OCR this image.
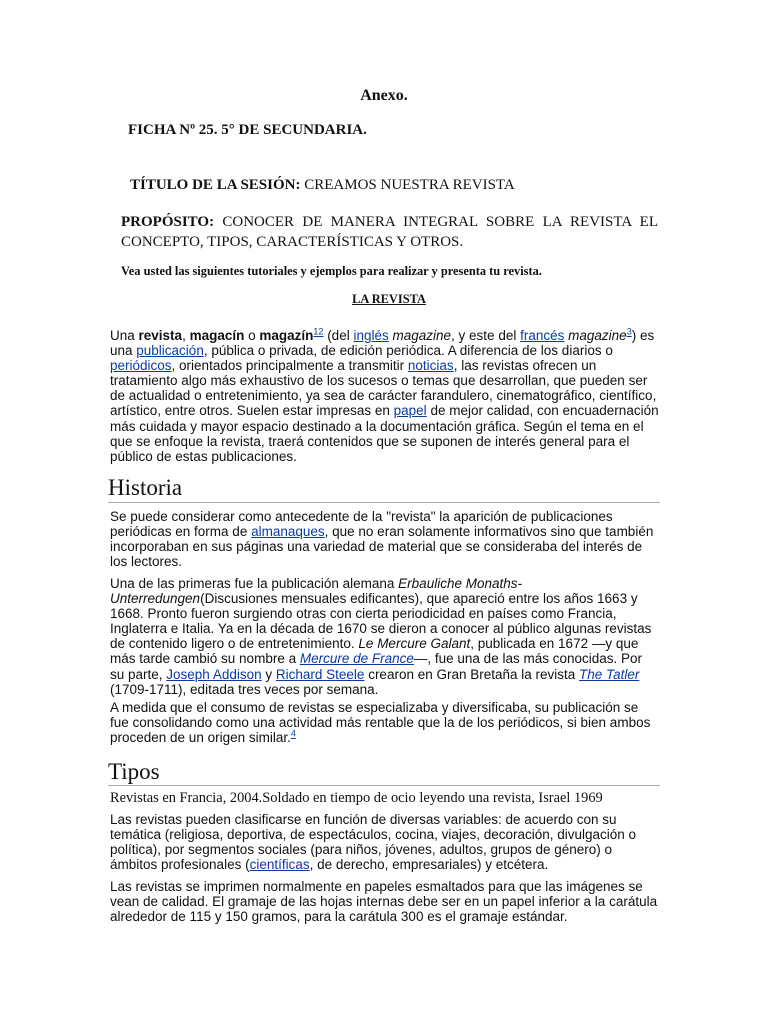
Anexo.
FICHA Nº 25. 5° DE SECUNDARIA.
TÍTULO DE LA SESIÓN: CREAMOS NUESTRA REVISTA
PROPÓSITO: CONOCER DE MANERA INTEGRAL SOBRE LA REVISTA EL CONCEPTO, TIPOS, CARACTERÍSTICAS Y OTROS.
Vea usted las siguientes tutoriales y ejemplos para realizar y presenta tu revista.
LA REVISTA
Una revista, magacín o magazín$^{12}$ (del inglés magazine, y este del francés magazine$^3$) es una publicación, pública o privada, de edición periódica. A diferencia de los diarios o periódicos, orientados principalmente a transmitir noticias, las revistas ofrecen un tratamiento algo más exhaustivo de los sucesos o temas que desarrollan, que pueden ser de actualidad o entretenimiento, ya sea de carácter farandulero, cinematográfico, científico, artístico, entre otros. Suelen estar impresas en papel de mejor calidad, con encuadernación más cuidada y mayor espacio destinado a la documentación gráfica. Según el tema en el que se enfoque la revista, traerá contenidos que se suponen de interés general para el público de estas publicaciones.
Historia
Se puede considerar como antecedente de la "revista" la aparición de publicaciones periódicas en forma de almanaques, que no eran solamente informativos sino que también incorporaban en sus páginas una variedad de material que se consideraba del interés de los lectores.
Una de las primeras fue la publicación alemana Erbauliche Monaths-Unterredungen(Discusiones mensuales edificantes), que apareció entre los años 1663 y 1668. Pronto fueron surgiendo otras con cierta periodicidad en países como Francia, Inglaterra e Italia. Ya en la década de 1670 se dieron a conocer al público algunas revistas de contenido ligero o de entretenimiento. Le Mercure Galant, publicada en 1672 —y que más tarde cambió su nombre a Mercure de France—, fue una de las más conocidas. Por su parte, Joseph Addison y Richard Steele crearon en Gran Bretaña la revista The Tatler (1709-1711), editada tres veces por semana.
A medida que el consumo de revistas se especializaba y diversificaba, su publicación se fue consolidando como una actividad más rentable que la de los periódicos, si bien ambos proceden de un origen similar.$^4$
Tipos
Revistas en Francia, 2004.Soldado en tiempo de ocio leyendo una revista, Israel 1969
Las revistas pueden clasificarse en función de diversas variables: de acuerdo con su temática (religiosa, deportiva, de espectáculos, cocina, viajes, decoración, divulgación o política), por segmentos sociales (para niños, jóvenes, adultos, grupos de género) o ámbitos profesionales (científicas, de derecho, empresariales) y etcétera.
Las revistas se imprimen normalmente en papeles esmaltados para que las imágenes se vean de calidad. El gramaje de las hojas internas debe ser en un papel inferior a la carátula alrededor de 115 y 150 gramos, para la carátula 300 es el gramaje estándar.
